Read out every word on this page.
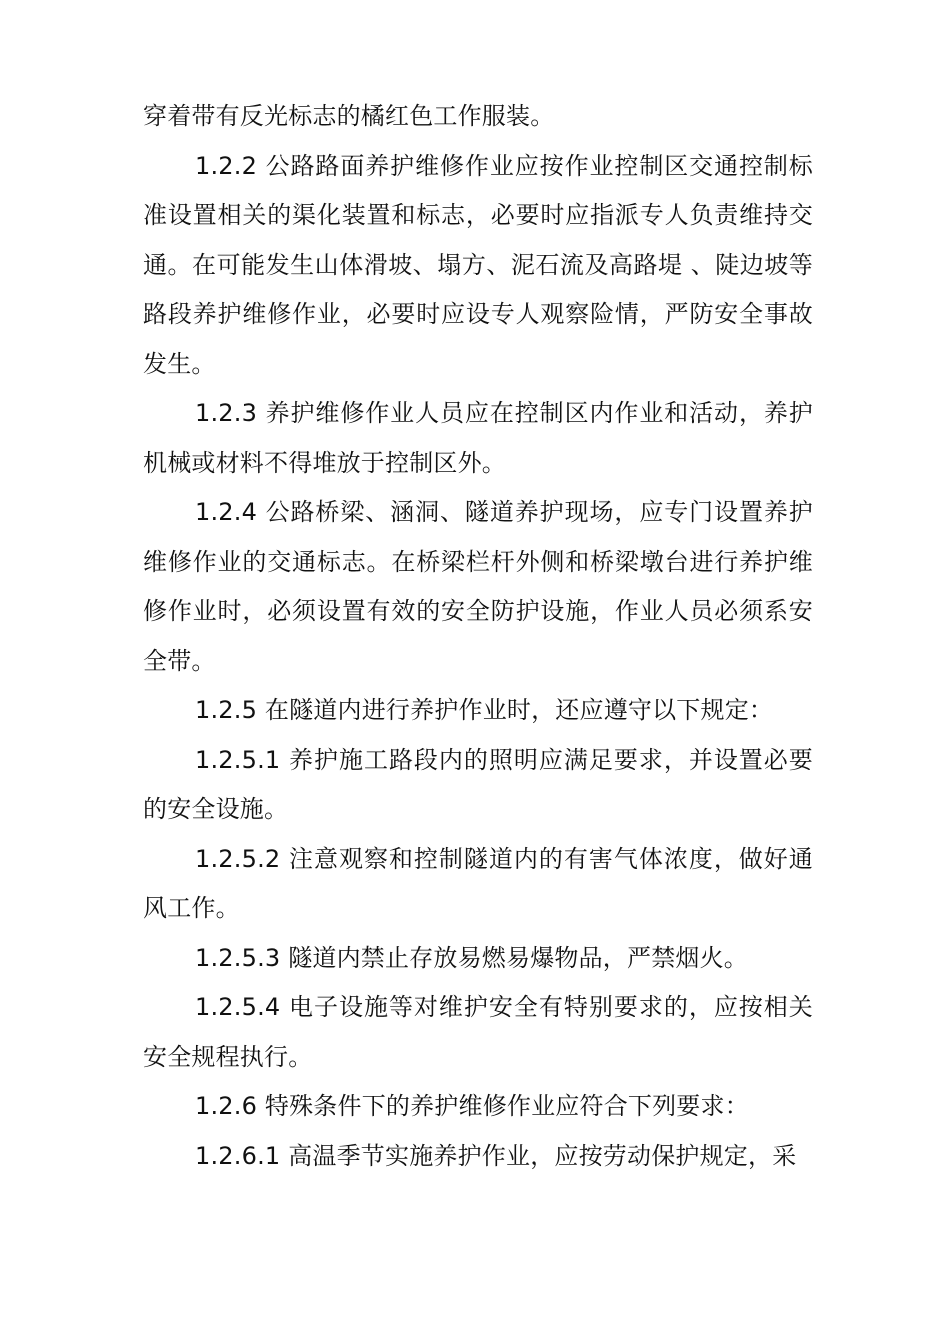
穿着带有反光标志的橘红色工作服装。

1.2.2 公路路面养护维修作业应按作业控制区交通控制标准设置相关的渠化装置和标志，必要时应指派专人负责维持交通。在可能发生山体滑坡、塌方、泥石流及高路堤 、陡边坡等路段养护维修作业，必要时应设专人观察险情，严防安全事故发生。

1.2.3 养护维修作业人员应在控制区内作业和活动，养护机械或材料不得堆放于控制区外。

1.2.4 公路桥梁、涵洞、隧道养护现场，应专门设置养护维修作业的交通标志。在桥梁栏杆外侧和桥梁墩台进行养护维修作业时，必须设置有效的安全防护设施，作业人员必须系安全带。

1.2.5 在隧道内进行养护作业时，还应遵守以下规定：

1.2.5.1 养护施工路段内的照明应满足要求，并设置必要的安全设施。

1.2.5.2 注意观察和控制隧道内的有害气体浓度，做好通风工作。

1.2.5.3 隧道内禁止存放易燃易爆物品，严禁烟火。

1.2.5.4 电子设施等对维护安全有特别要求的，应按相关安全规程执行。

1.2.6 特殊条件下的养护维修作业应符合下列要求：

1.2.6.1 高温季节实施养护作业，应按劳动保护规定，采
